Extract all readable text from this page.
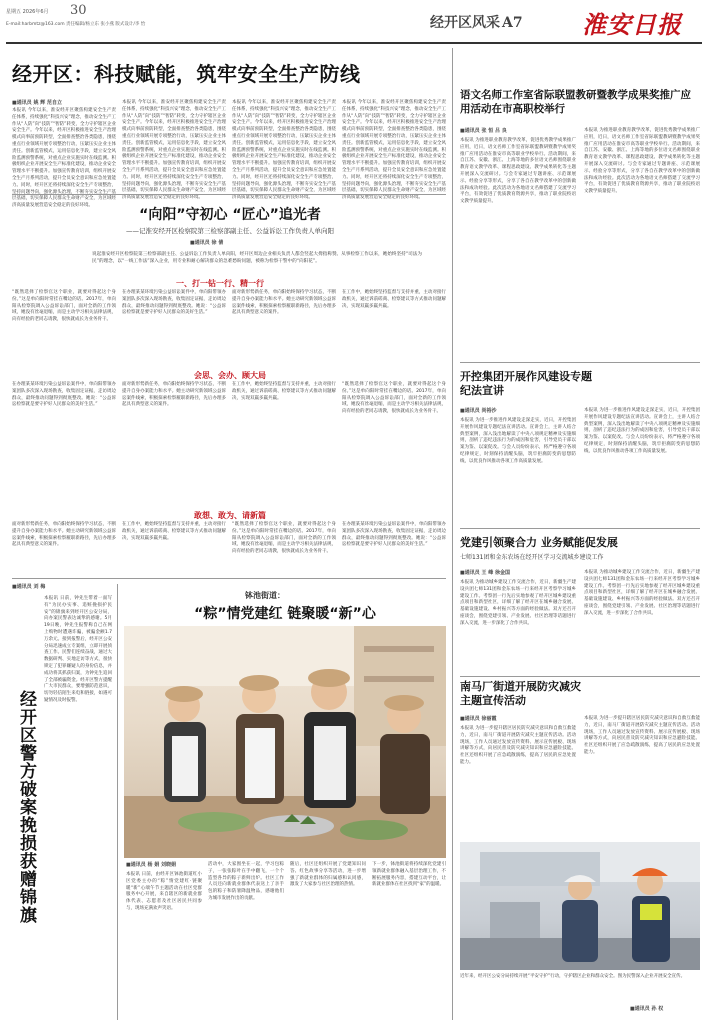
星期五 2026年6月 30
E-mail:harbmtz@163.com 责任编辑/杨立东 张小燕 版式设计/李 怡	经开区风采 A7 淮安日报
经开区：科技赋能，筑牢安全生产防线
■通讯员 姚 辉 范自立
本报讯 今年以来，淮安经开区聚焦构建安全生产责任体系，持续强化“科技兴安”理念，推动安全生产工作从“人防”向“技防”“智防”转变，全力守护辖区企业安全生产。今年以来，经开区积极推进安全生产治理模式向事前预防转型，全面排查整治各类隐患，围绕重点行业领域开展专项整治行动，压紧压实企业主体责任。创新监管模式，运用信息化手段，建立安全风险监测预警系统，对重点企业实施实时在线监测。积极组织企业开展安全生产标准化建设，推动企业安全管理水平不断提升。加强宣传教育培训，组织开展安全生产月系列活动，提升全员安全意识和应急处置能力。同时，经开区还将持续深化安全生产专项整治，坚持问题导向，强化源头治理，不断夯实安全生产基层基础，切实保障人民群众生命财产安全，为区域经济高质量发展营造安全稳定的良好环境。
本报讯 今年以来，淮安经开区聚焦构建安全生产责任体系，持续强化“科技兴安”理念，推动安全生产工作从“人防”向“技防”“智防”转变，全力守护辖区企业安全生产。今年以来，经开区积极推进安全生产治理模式向事前预防转型，全面排查整治各类隐患，围绕重点行业领域开展专项整治行动，压紧压实企业主体责任。创新监管模式，运用信息化手段，建立安全风险监测预警系统，对重点企业实施实时在线监测。积极组织企业开展安全生产标准化建设，推动企业安全管理水平不断提升。加强宣传教育培训，组织开展安全生产月系列活动，提升全员安全意识和应急处置能力。同时，经开区还将持续深化安全生产专项整治，坚持问题导向，强化源头治理，不断夯实安全生产基层基础，切实保障人民群众生命财产安全，为区域经济高质量发展营造安全稳定的良好环境。
本报讯 今年以来，淮安经开区聚焦构建安全生产责任体系，持续强化“科技兴安”理念，推动安全生产工作从“人防”向“技防”“智防”转变，全力守护辖区企业安全生产。今年以来，经开区积极推进安全生产治理模式向事前预防转型，全面排查整治各类隐患，围绕重点行业领域开展专项整治行动，压紧压实企业主体责任。创新监管模式，运用信息化手段，建立安全风险监测预警系统，对重点企业实施实时在线监测。积极组织企业开展安全生产标准化建设，推动企业安全管理水平不断提升。加强宣传教育培训，组织开展安全生产月系列活动，提升全员安全意识和应急处置能力。同时，经开区还将持续深化安全生产专项整治，坚持问题导向，强化源头治理，不断夯实安全生产基层基础，切实保障人民群众生命财产安全，为区域经济高质量发展营造安全稳定的良好环境。
本报讯 今年以来，淮安经开区聚焦构建安全生产责任体系，持续强化“科技兴安”理念，推动安全生产工作从“人防”向“技防”“智防”转变，全力守护辖区企业安全生产。今年以来，经开区积极推进安全生产治理模式向事前预防转型，全面排查整治各类隐患，围绕重点行业领域开展专项整治行动，压紧压实企业主体责任。创新监管模式，运用信息化手段，建立安全风险监测预警系统，对重点企业实施实时在线监测。积极组织企业开展安全生产标准化建设，推动企业安全管理水平不断提升。加强宣传教育培训，组织开展安全生产月系列活动，提升全员安全意识和应急处置能力。同时，经开区还将持续深化安全生产专项整治，坚持问题导向，强化源头治理，不断夯实安全生产基层基础，切实保障人民群众生命财产安全，为区域经济高质量发展营造安全稳定的良好环境。
“向阳”守初心 “匠心”追光者
——记淮安经开区检察院第三检察部副主任、公益诉讼工作负责人单向阳
■通讯员 徐 倩
说起淮安经开区检察院第三检察部副主任、公益诉讼工作负责人单向阳，经开区周边企业相关负责人都会竖起大拇指称赞。从事检察工作以来，她始终坚持“司法为民”的理念，以“一线工作法”深入企业，用专业和耐心解决群众的急难愁盼问题，被称为检察干警中的“向阳花”。
一、打一钻一行、精一行
“既然选择了检察官这个职业，就要对得起这个身份。”这是单向阳时常挂在嘴边的话。2017年，单向阳从检察院调入公益诉讼部门，面对全新的工作领域，她没有丝毫退缩，而是主动学习相关法律法规，向有经验的老同志请教，很快就成长为业务骨干。
在办理某某环境污染公益诉讼案件中，单向阳带领办案团队多次深入现场勘查，收集固定证据，走访周边群众，最终推动问题得到彻底整改。她说：“公益诉讼检察就是要守护好人民群众的美好生活。”
面对新形势新任务，单向阳始终保持学习状态，不断提升自身办案能力和水平。她主动研究新领域公益诉讼案件线索，积极探索检察履职新路径，先后办理多起具有典型意义的案件。
在工作中，她始终坚持监督与支持并重，主动对接行政机关，通过诉前磋商、检察建议等方式推动问题解决，实现双赢多赢共赢。
会思、会办、顾大局
在办理某某环境污染公益诉讼案件中，单向阳带领办案团队多次深入现场勘查，收集固定证据，走访周边群众，最终推动问题得到彻底整改。她说：“公益诉讼检察就是要守护好人民群众的美好生活。”
面对新形势新任务，单向阳始终保持学习状态，不断提升自身办案能力和水平。她主动研究新领域公益诉讼案件线索，积极探索检察履职新路径，先后办理多起具有典型意义的案件。
在工作中，她始终坚持监督与支持并重，主动对接行政机关，通过诉前磋商、检察建议等方式推动问题解决，实现双赢多赢共赢。
“既然选择了检察官这个职业，就要对得起这个身份。”这是单向阳时常挂在嘴边的话。2017年，单向阳从检察院调入公益诉讼部门，面对全新的工作领域，她没有丝毫退缩，而是主动学习相关法律法规，向有经验的老同志请教，很快就成长为业务骨干。
敢想、敢为、请新篇
面对新形势新任务，单向阳始终保持学习状态，不断提升自身办案能力和水平。她主动研究新领域公益诉讼案件线索，积极探索检察履职新路径，先后办理多起具有典型意义的案件。
在工作中，她始终坚持监督与支持并重，主动对接行政机关，通过诉前磋商、检察建议等方式推动问题解决，实现双赢多赢共赢。
“既然选择了检察官这个职业，就要对得起这个身份。”这是单向阳时常挂在嘴边的话。2017年，单向阳从检察院调入公益诉讼部门，面对全新的工作领域，她没有丝毫退缩，而是主动学习相关法律法规，向有经验的老同志请教，很快就成长为业务骨干。
在办理某某环境污染公益诉讼案件中，单向阳带领办案团队多次深入现场勘查，收集固定证据，走访周边群众，最终推动问题得到彻底整改。她说：“公益诉讼检察就是要守护好人民群众的美好生活。”
■通讯员 刘 梅
本报讯 日前，钟先生带着一面写有“为民办实事、追赃挽损护民安”的锦旗来到经开区公安分局，向办案民警表达诚挚的感谢。5月19日晚，钟先生报警称自己在网上购物时遭遇诈骗，被骗金额1.7万余元。接到报警后，经开区公安分局迅速成立专案组，立即开展侦查工作。民警们连续奋战，通过大数据研判、实地走访等方式，很快锁定了犯罪嫌疑人的身份信息，并成功将其抓获归案，为钟先生追回了全部被骗资金。经开区警方提醒广大市民群众，要增强防范意识，切勿轻信陌生来电和链接，如遇可疑情况及时报警。
经开区警方破案挽损获赠锦旗
钵池街道：
“粽”情党建红 链聚暖“新”心
■通讯员 杨 娟 刘晓娟
本报讯 日前，由经开区钵池街道红小区党委主办的“粽”情党建红·链聚暖“新”心端午节主题活动在社区党群服务中心开展，来自辖区的新就业群体代表、志愿者及社区居民共同参与，现场充满欢声笑语。
活动中，大家围坐在一起，学习包粽子，一张张粽叶在手中翻飞，一个个造型各异的粽子新鲜出炉。社区工作人员还向新就业群体代表送上了亲手包的粽子和防暑降温物品，感谢他们为城市发展作出的贡献。
随后，社区还组织开展了党建知识问答、红色故事分享等活动，进一步增强了新就业群体的归属感和认同感，激发了大家参与社区治理的热情。
下一步，钵池街道将持续深化党建引领新就业群体融入基层治理工作，不断拓展服务内容，搭建互动平台，让新就业群体在社区找到“家”的温暖。
语文名师工作室省际联盟教研暨教学成果奖推广应用活动在市高职校举行
■通讯员 张 恒 吕 良
本报讯 为推进职业教育教学改革，促进优秀教学成果推广应用，近日，语文名师工作室省际联盟教研暨教学成果奖推广应用活动在淮安市高等职业学校举行。活动期间，来自江苏、安徽、浙江、上海等地的多位语文名师围绕职业教育语文教学改革、课程思政建设、教学成果转化等主题开展深入交流研讨。与会专家通过专题讲座、示范课展示、经验分享等形式，分享了各自在教学改革中的创新做法和成功经验。此次活动为各地语文名师搭建了交流学习平台，有效促进了优质教育资源共享，推动了职业院校语文教学质量提升。
本报讯 为推进职业教育教学改革，促进优秀教学成果推广应用，近日，语文名师工作室省际联盟教研暨教学成果奖推广应用活动在淮安市高等职业学校举行。活动期间，来自江苏、安徽、浙江、上海等地的多位语文名师围绕职业教育语文教学改革、课程思政建设、教学成果转化等主题开展深入交流研讨。与会专家通过专题讲座、示范课展示、经验分享等形式，分享了各自在教学改革中的创新做法和成功经验。此次活动为各地语文名师搭建了交流学习平台，有效促进了优质教育资源共享，推动了职业院校语文教学质量提升。
开控集团开展作风建设专题纪法宣讲
■通讯员 尚裕沙
本报讯 为进一步推进作风建设走深走实，近日，开控集团开展作风建设专题纪法宣讲活动。宣讲会上，主讲人结合典型案例，深入浅出地解读了中央八项规定精神及实施细则，剖析了违纪违法行为的成因和危害，引导党员干部以案为鉴、以案促改。与会人员纷纷表示，将严格遵守各项纪律规定，时刻保持清醒头脑，筑牢拒腐防变的思想防线，以优良作风推动各项工作高质量发展。
本报讯 为进一步推进作风建设走深走实，近日，开控集团开展作风建设专题纪法宣讲活动。宣讲会上，主讲人结合典型案例，深入浅出地解读了中央八项规定精神及实施细则，剖析了违纪违法行为的成因和危害，引导党员干部以案为鉴、以案促改。与会人员纷纷表示，将严格遵守各项纪律规定，时刻保持清醒头脑，筑牢拒腐防变的思想防线，以优良作风推动各项工作高质量发展。
党建引领聚合力 业务赋能促发展
七师131团和金东农场在经开区学习交流城乡建设工作
■通讯员 王 峰 徐金国
本报讯 为推动城乡建设工作交流合作，近日，新疆生产建设兵团七师131团和金东农场一行来经开区考察学习城乡建设工作。考察团一行先后实地参观了经开区城乡建设重点项目和新型社区，详细了解了经开区在城乡融合发展、基础设施建设、乡村振兴等方面的经验做法。双方还召开座谈会，围绕党建引领、产业发展、社区治理等话题进行深入交流，进一步深化了合作共识。
本报讯 为推动城乡建设工作交流合作，近日，新疆生产建设兵团七师131团和金东农场一行来经开区考察学习城乡建设工作。考察团一行先后实地参观了经开区城乡建设重点项目和新型社区，详细了解了经开区在城乡融合发展、基础设施建设、乡村振兴等方面的经验做法。双方还召开座谈会，围绕党建引领、产业发展、社区治理等话题进行深入交流，进一步深化了合作共识。
南马厂街道开展防灾减灾主题宣传活动
■通讯员 徐丽霞
本报讯 为进一步提升辖区居民防灾减灾意识和自救互救能力，近日，南马厂街道开展防灾减灾主题宣传活动。活动现场，工作人员通过发放宣传资料、展示宣传展板、现场讲解等方式，向居民普及防灾减灾知识和应急避险技能。社区还组织开展了应急疏散演练，提高了居民的应急处置能力。
本报讯 为进一步提升辖区居民防灾减灾意识和自救互救能力，近日，南马厂街道开展防灾减灾主题宣传活动。活动现场，工作人员通过发放宣传资料、展示宣传展板、现场讲解等方式，向居民普及防灾减灾知识和应急避险技能。社区还组织开展了应急疏散演练，提高了居民的应急处置能力。
近年来，经开区公安分局持续开展“平安守护”行动，守护辖区企业和群众安全。图为民警深入企业开展安全宣传。
■通讯员 孙 权
